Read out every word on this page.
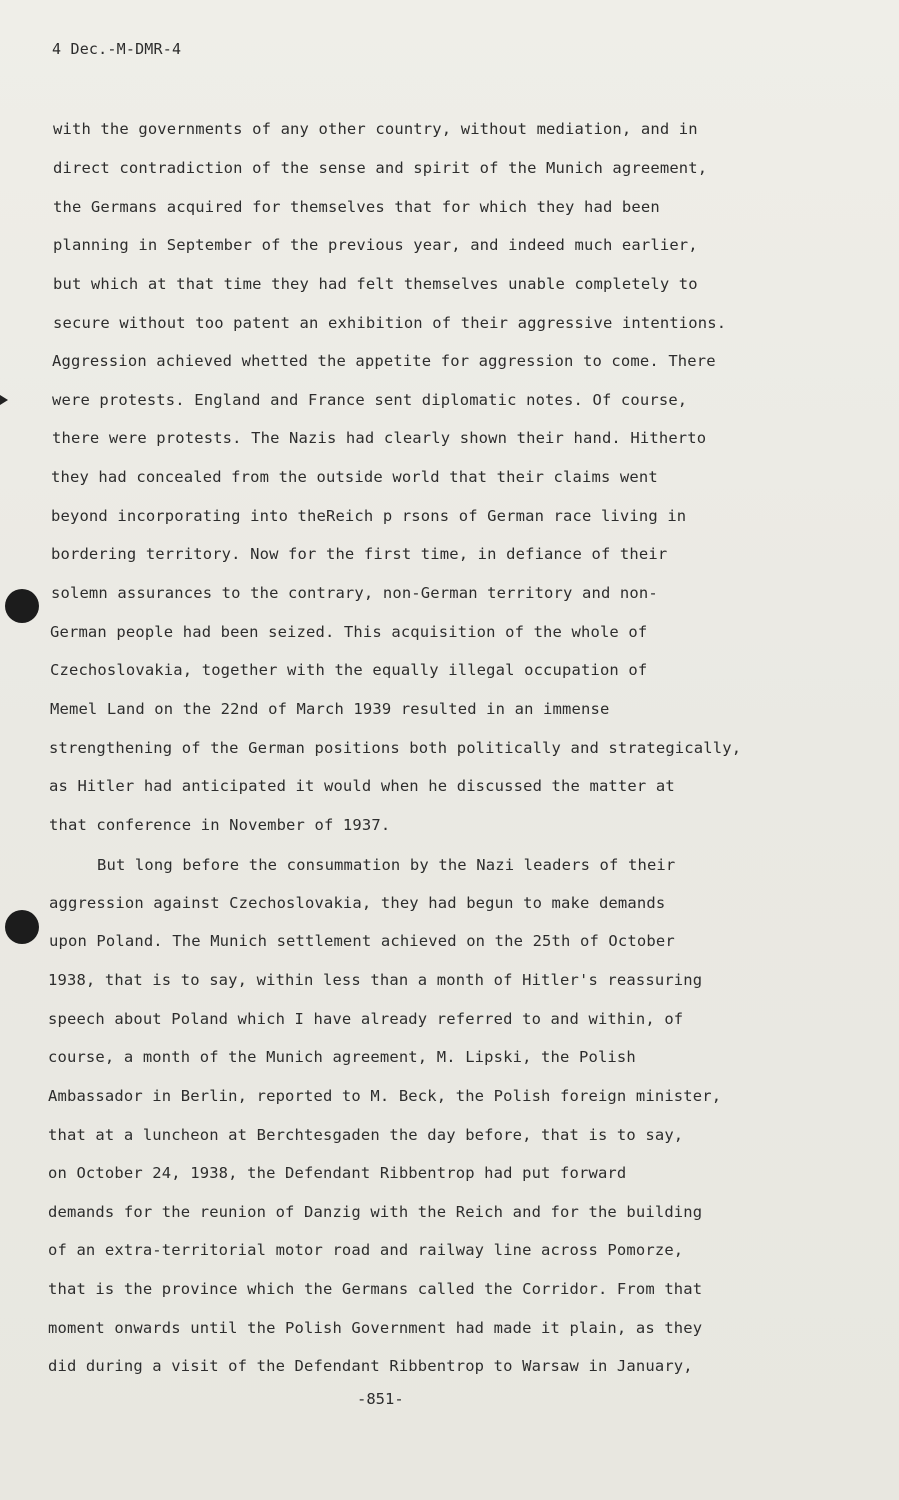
4 Dec.-M-DMR-4
with the governments of any other country, without mediation, and in
direct contradiction of the sense and spirit of the Munich agreement,
the Germans acquired for themselves that for which they had been
planning in September of the previous year, and indeed much earlier,
but which at that time they had felt themselves unable completely to
secure without too patent an exhibition of their aggressive intentions.
Aggression achieved whetted the appetite for aggression to come. There
were protests. England and France sent diplomatic notes. Of course,
there were protests. The Nazis had clearly shown their hand. Hitherto
they had concealed from the outside world that their claims went
beyond incorporating into theReich p rsons of German race living in
bordering territory. Now for the first time, in defiance of their
solemn assurances to the contrary, non-German territory and non-
German people had been seized. This acquisition of the whole of
Czechoslovakia, together with the equally illegal occupation of
Memel Land on the 22nd of March 1939 resulted in an immense
strengthening of the German positions both politically and strategically,
as Hitler had anticipated it would when he discussed the matter at
that conference in November of 1937.
But long before the consummation by the Nazi leaders of their
aggression against Czechoslovakia, they had begun to make demands
upon Poland. The Munich settlement achieved on the 25th of October
1938, that is to say, within less than a month of Hitler's reassuring
speech about Poland which I have already referred to and within, of
course, a month of the Munich agreement, M. Lipski, the Polish
Ambassador in Berlin, reported to M. Beck, the Polish foreign minister,
that at a luncheon at Berchtesgaden the day before, that is to say,
on October 24, 1938, the Defendant Ribbentrop had put forward
demands for the reunion of Danzig with the Reich and for the building
of an extra-territorial motor road and railway line across Pomorze,
that is the province which the Germans called the Corridor. From that
moment onwards until the Polish Government had made it plain, as they
did during a visit of the Defendant Ribbentrop to Warsaw in January,
-851-
